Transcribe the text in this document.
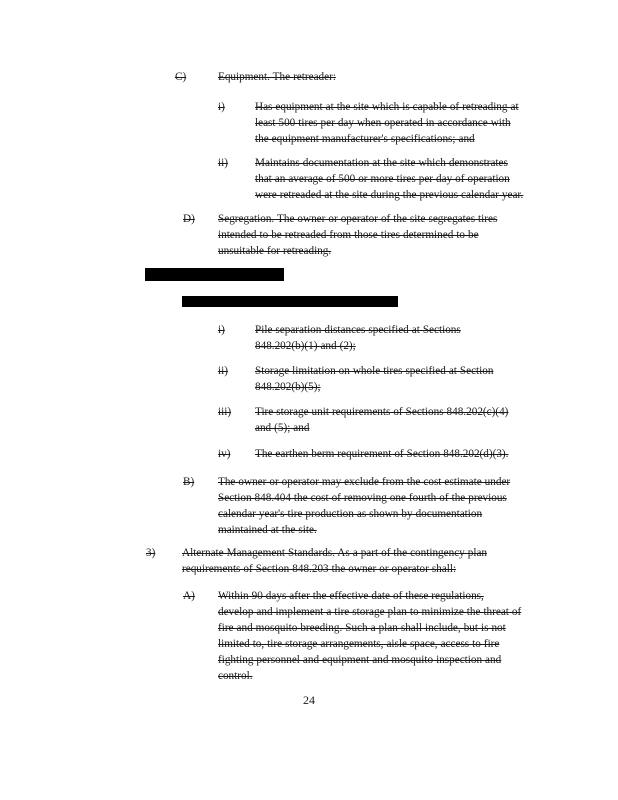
C)	Equipment. The retreader:
i)	Has equipment at the site which is capable of retreading at
least 500 tires per day when operated in accordance with
the equipment manufacturer's specifications; and
ii) Maintains documentation at the site which demonstrates
that an average of 500 or more tires per day of operation
were retreaded at the site during the previous calendar year.
D) Segregation. The owner or operator of the site segregates tires
intended to be retreaded from those tires determined to be
unsuitable for retreading.
i)	Pile separation distances specified at Sections
848.202(b)(1) and (2);
ii) Storage limitation on whole tires specified at Section
848.202(b)(5);
iii) Tire storage unit requirements of Sections 848.202(c)(4)
and (5); and
iv) The earthen berm requirement of Section 848.202(d)(3).
B) The owner or operator may exclude from the cost estimate under
Section 848.404 the cost of removing one fourth of the previous
calendar year's tire production as shown by documentation
maintained at the site.
3) Alternate Management Standards. As a part of the contingency plan
requirements of Section 848.203 the owner or operator shall:
A) Within 90 days after the effective date of these regulations,
develop and implement a tire storage plan to minimize the threat of
fire and mosquito breeding. Such a plan shall include, but is not
limited to, tire storage arrangements, aisle space, access to fire
fighting personnel and equipment and mosquito inspection and
control.
24
